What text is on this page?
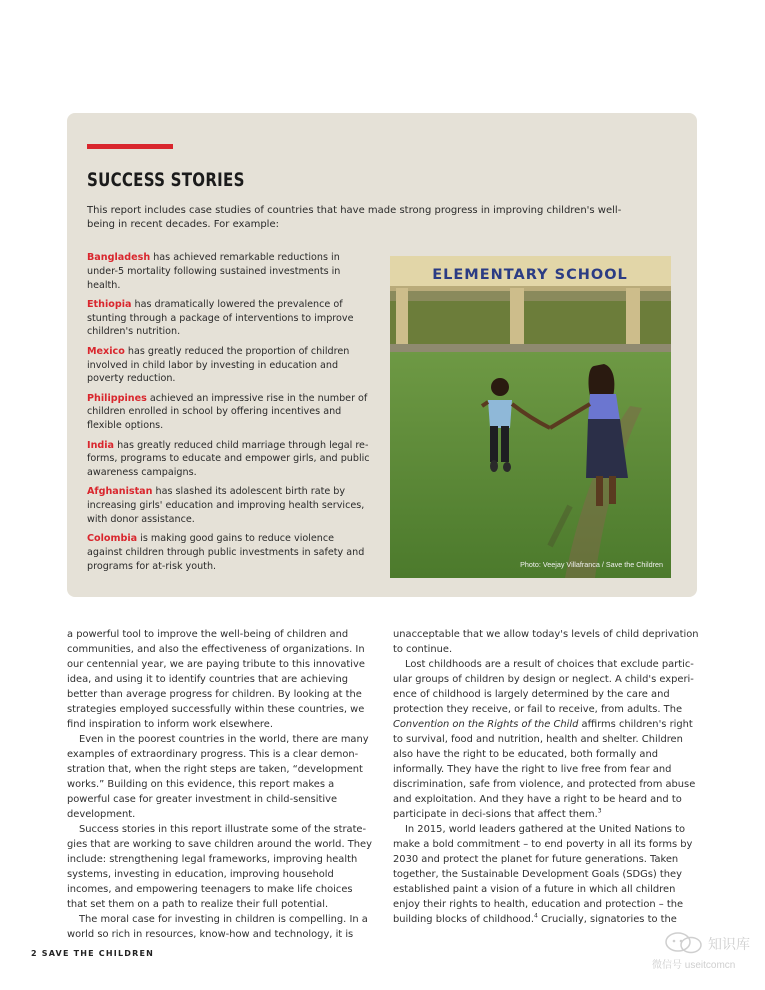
SUCCESS STORIES
This report includes case studies of countries that have made strong progress in improving children's well-being in recent decades. For example:

Bangladesh has achieved remarkable reductions in under-5 mortality following sustained investments in health.

Ethiopia has dramatically lowered the prevalence of stunting through a package of interventions to improve children's nutrition.

Mexico has greatly reduced the proportion of children involved in child labor by investing in education and poverty reduction.

Philippines achieved an impressive rise in the number of children enrolled in school by offering incentives and flexible options.

India has greatly reduced child marriage through legal re-forms, programs to educate and empower girls, and public awareness campaigns.

Afghanistan has slashed its adolescent birth rate by increasing girls' education and improving health services, with donor assistance.

Colombia is making good gains to reduce violence against children through public investments in safety and programs for at-risk youth.

ELEMENTARY SCHOOL
Photo: Veejay Villafranca / Save the Children

a powerful tool to improve the well-being of children and communities, and also the effectiveness of organizations. In our centennial year, we are paying tribute to this innovative idea, and using it to identify countries that are achieving better than average progress for children. By looking at the strategies employed successfully within these countries, we find inspiration to inform work elsewhere.

Even in the poorest countries in the world, there are many examples of extraordinary progress. This is a clear demon-stration that, when the right steps are taken, “development works.” Building on this evidence, this report makes a powerful case for greater investment in child-sensitive development.

Success stories in this report illustrate some of the strate-gies that are working to save children around the world. They include: strengthening legal frameworks, improving health systems, investing in education, improving household incomes, and empowering teenagers to make life choices that set them on a path to realize their full potential.

The moral case for investing in children is compelling. In a world so rich in resources, know-how and technology, it is

unacceptable that we allow today's levels of child deprivation to continue.

Lost childhoods are a result of choices that exclude partic-ular groups of children by design or neglect. A child's experi-ence of childhood is largely determined by the care and protection they receive, or fail to receive, from adults. The Convention on the Rights of the Child affirms children's right to survival, food and nutrition, health and shelter. Children also have the right to be educated, both formally and informally. They have the right to live free from fear and discrimination, safe from violence, and protected from abuse and exploitation. And they have a right to be heard and to participate in deci-sions that affect them.$^3$

In 2015, world leaders gathered at the United Nations to make a bold commitment – to end poverty in all its forms by 2030 and protect the planet for future generations. Taken together, the Sustainable Development Goals (SDGs) they established paint a vision of a future in which all children enjoy their rights to health, education and protection – the building blocks of childhood.$^4$ Crucially, signatories to the

2 SAVE THE CHILDREN
知识库
微信号 useitcomcn
